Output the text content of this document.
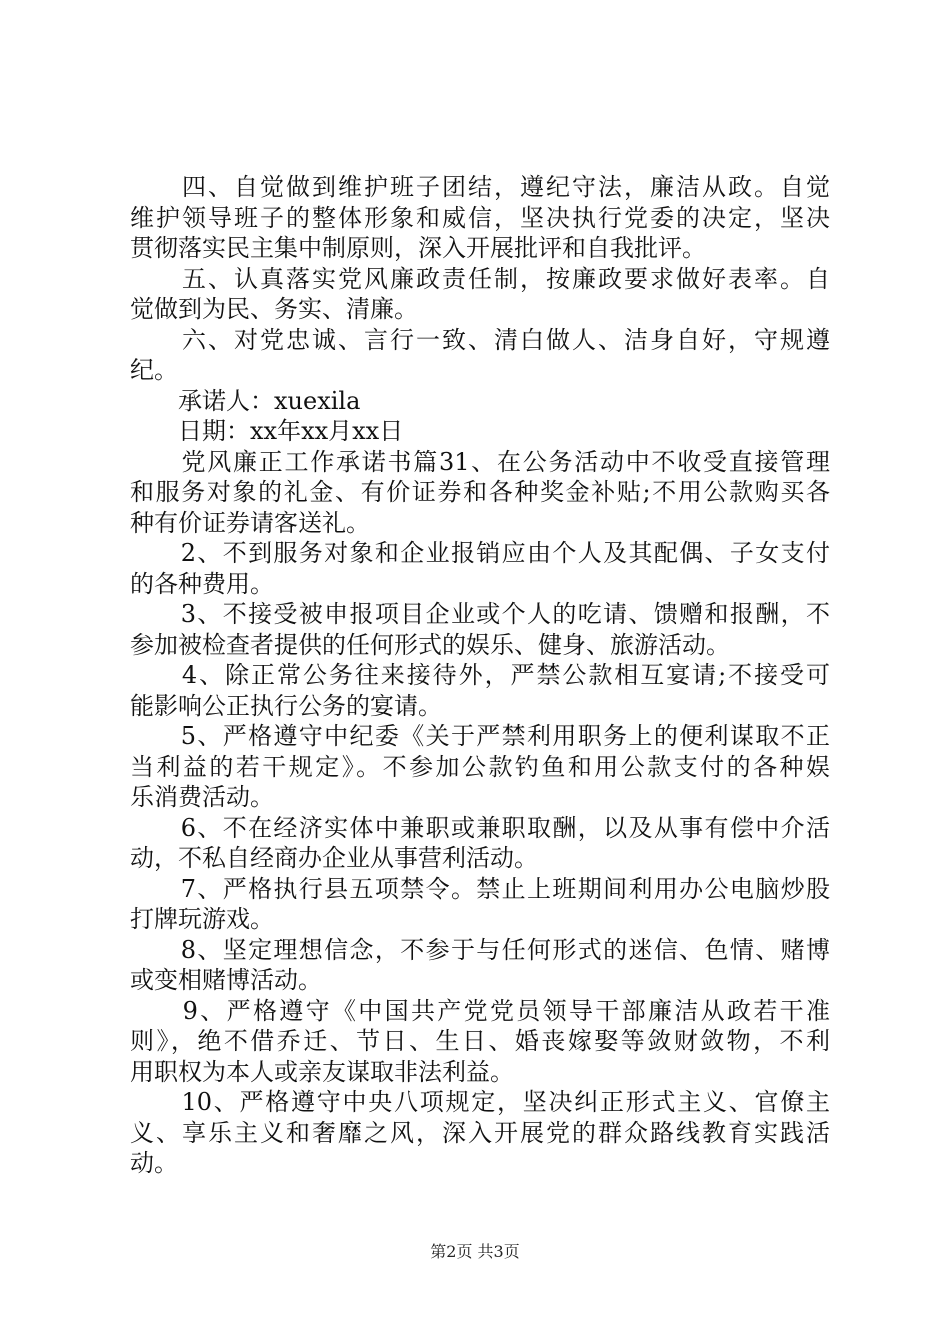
　　四、自觉做到维护班子团结，遵纪守法，廉洁从政。自觉
维护领导班子的整体形象和威信，坚决执行党委的决定，坚决
贯彻落实民主集中制原则，深入开展批评和自我批评。
　　五、认真落实党风廉政责任制，按廉政要求做好表率。自
觉做到为民、务实、清廉。
　　六、对党忠诚、言行一致、清白做人、洁身自好，守规遵
纪。
　　承诺人：xuexila
　　日期：xx年xx月xx日
　　党风廉正工作承诺书篇31、在公务活动中不收受直接管理
和服务对象的礼金、有价证券和各种奖金补贴;不用公款购买各
种有价证券请客送礼。
　　2、不到服务对象和企业报销应由个人及其配偶、子女支付
的各种费用。
　　3、不接受被申报项目企业或个人的吃请、馈赠和报酬，不
参加被检查者提供的任何形式的娱乐、健身、旅游活动。
　　4、除正常公务往来接待外，严禁公款相互宴请;不接受可
能影响公正执行公务的宴请。
　　5、严格遵守中纪委《关于严禁利用职务上的便利谋取不正
当利益的若干规定》。不参加公款钓鱼和用公款支付的各种娱
乐消费活动。
　　6、不在经济实体中兼职或兼职取酬，以及从事有偿中介活
动，不私自经商办企业从事营利活动。
　　7、严格执行县五项禁令。禁止上班期间利用办公电脑炒股
打牌玩游戏。
　　8、坚定理想信念，不参于与任何形式的迷信、色情、赌博
或变相赌博活动。
　　9、严格遵守《中国共产党党员领导干部廉洁从政若干准
则》，绝不借乔迁、节日、生日、婚丧嫁娶等敛财敛物，不利
用职权为本人或亲友谋取非法利益。
　　10、严格遵守中央八项规定，坚决纠正形式主义、官僚主
义、享乐主义和奢靡之风，深入开展党的群众路线教育实践活
动。
第2页 共3页
